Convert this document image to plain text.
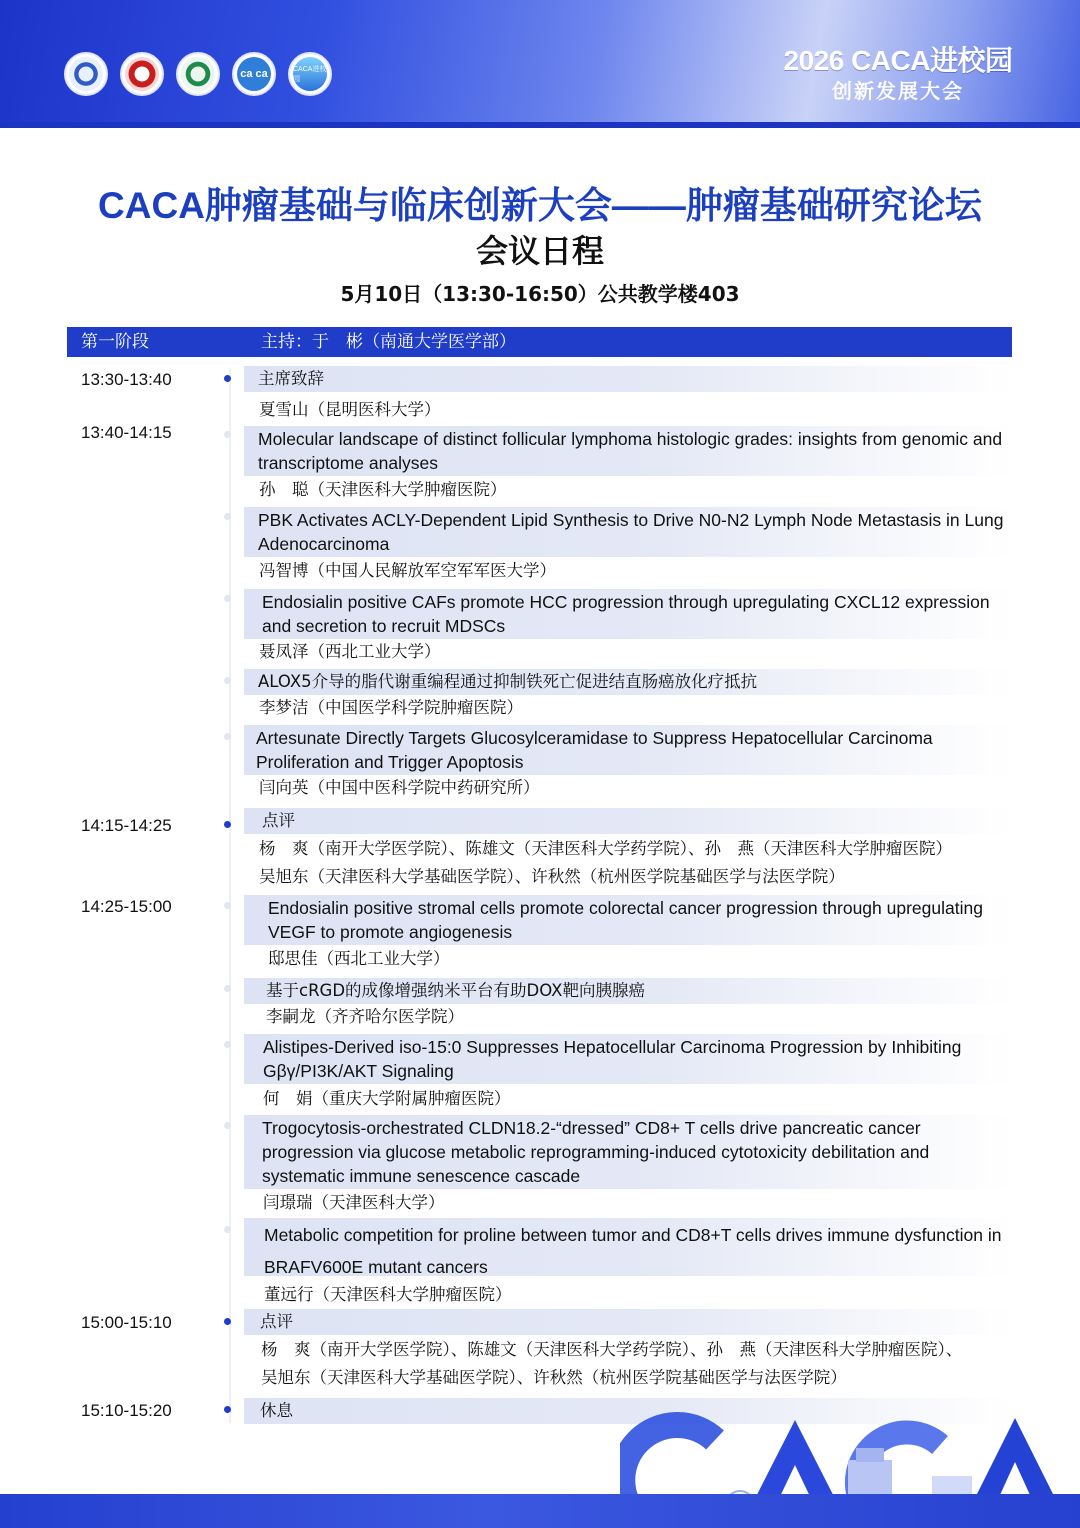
ca ca	CACA进校园
2026 CACA进校园
创新发展大会
CACA肿瘤基础与临床创新大会——肿瘤基础研究论坛
会议日程
5月10日（13:30-16:50）公共教学楼403
第一阶段	主持：于　彬（南通大学医学部）
13:30-13:40
13:40-14:15
14:15-14:25
14:25-15:00
15:00-15:10
15:10-15:20
主席致辞
夏雪山（昆明医科大学）
Molecular landscape of distinct follicular lymphoma histologic grades: insights from genomic and transcriptome analyses
孙　聪（天津医科大学肿瘤医院）
PBK Activates ACLY-Dependent Lipid Synthesis to Drive N0-N2 Lymph Node Metastasis in Lung Adenocarcinoma
冯智博（中国人民解放军空军军医大学）
Endosialin positive CAFs promote HCC progression through upregulating CXCL12 expression and secretion to recruit MDSCs
聂凤泽（西北工业大学）
ALOX5介导的脂代谢重编程通过抑制铁死亡促进结直肠癌放化疗抵抗
李梦洁（中国医学科学院肿瘤医院）
Artesunate Directly Targets Glucosylceramidase to Suppress Hepatocellular Carcinoma Proliferation and Trigger Apoptosis
闫向英（中国中医科学院中药研究所）
点评
杨　爽（南开大学医学院）、陈雄文（天津医科大学药学院）、孙　燕（天津医科大学肿瘤医院）
吴旭东（天津医科大学基础医学院）、许秋然（杭州医学院基础医学与法医学院）
Endosialin positive stromal cells promote colorectal cancer progression through upregulating VEGF to promote angiogenesis
邸思佳（西北工业大学）
基于cRGD的成像增强纳米平台有助DOX靶向胰腺癌
李嗣龙（齐齐哈尔医学院）
Alistipes-Derived iso-15:0 Suppresses Hepatocellular Carcinoma Progression by Inhibiting Gβγ/PI3K/AKT Signaling
何　娟（重庆大学附属肿瘤医院）
Trogocytosis-orchestrated CLDN18.2-“dressed” CD8+ T cells drive pancreatic cancer progression via glucose metabolic reprogramming-induced cytotoxicity debilitation and systematic immune senescence cascade
闫璟瑞（天津医科大学）
Metabolic competition for proline between tumor and CD8+T cells drives immune dysfunction in BRAFV600E mutant cancers
董远行（天津医科大学肿瘤医院）
点评
杨　爽（南开大学医学院）、陈雄文（天津医科大学药学院）、孙　燕（天津医科大学肿瘤医院）、
吴旭东（天津医科大学基础医学院）、许秋然（杭州医学院基础医学与法医学院）
休息
